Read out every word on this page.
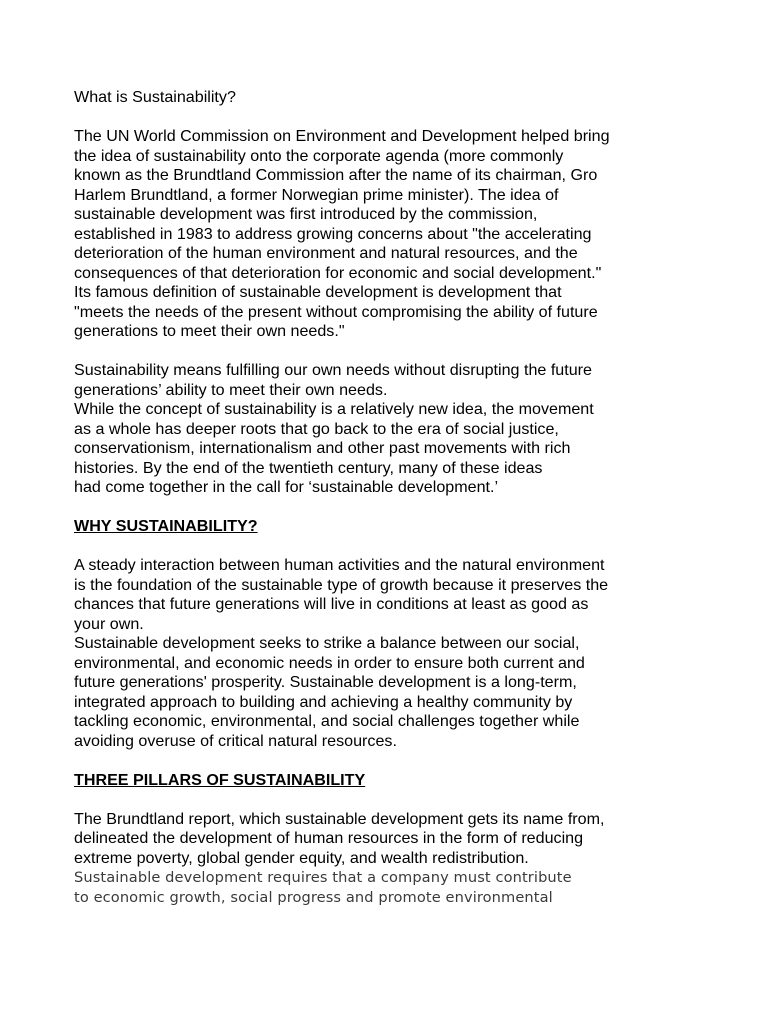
What is Sustainability?

The UN World Commission on Environment and Development helped bring

the idea of sustainability onto the corporate agenda (more commonly

known as the Brundtland Commission after the name of its chairman, Gro

Harlem Brundtland, a former Norwegian prime minister). The idea of

sustainable development was first introduced by the commission,

established in 1983 to address growing concerns about "the accelerating

deterioration of the human environment and natural resources, and the

consequences of that deterioration for economic and social development."

Its famous definition of sustainable development is development that

"meets the needs of the present without compromising the ability of future

generations to meet their own needs."

Sustainability means fulfilling our own needs without disrupting the future

generations’ ability to meet their own needs.

While the concept of sustainability is a relatively new idea, the movement

as a whole has deeper roots that go back to the era of social justice,

conservationism, internationalism and other past movements with rich

histories. By the end of the twentieth century, many of these ideas

had come together in the call for ‘sustainable development.’

WHY SUSTAINABILITY?

A steady interaction between human activities and the natural environment

is the foundation of the sustainable type of growth because it preserves the

chances that future generations will live in conditions at least as good as

your own.

Sustainable development seeks to strike a balance between our social,

environmental, and economic needs in order to ensure both current and

future generations' prosperity. Sustainable development is a long-term,

integrated approach to building and achieving a healthy community by

tackling economic, environmental, and social challenges together while

avoiding overuse of critical natural resources.

THREE PILLARS OF SUSTAINABILITY

The Brundtland report, which sustainable development gets its name from,

delineated the development of human resources in the form of reducing

extreme poverty, global gender equity, and wealth redistribution.

Sustainable development requires that a company must contribute

to economic growth, social progress and promote environmental
